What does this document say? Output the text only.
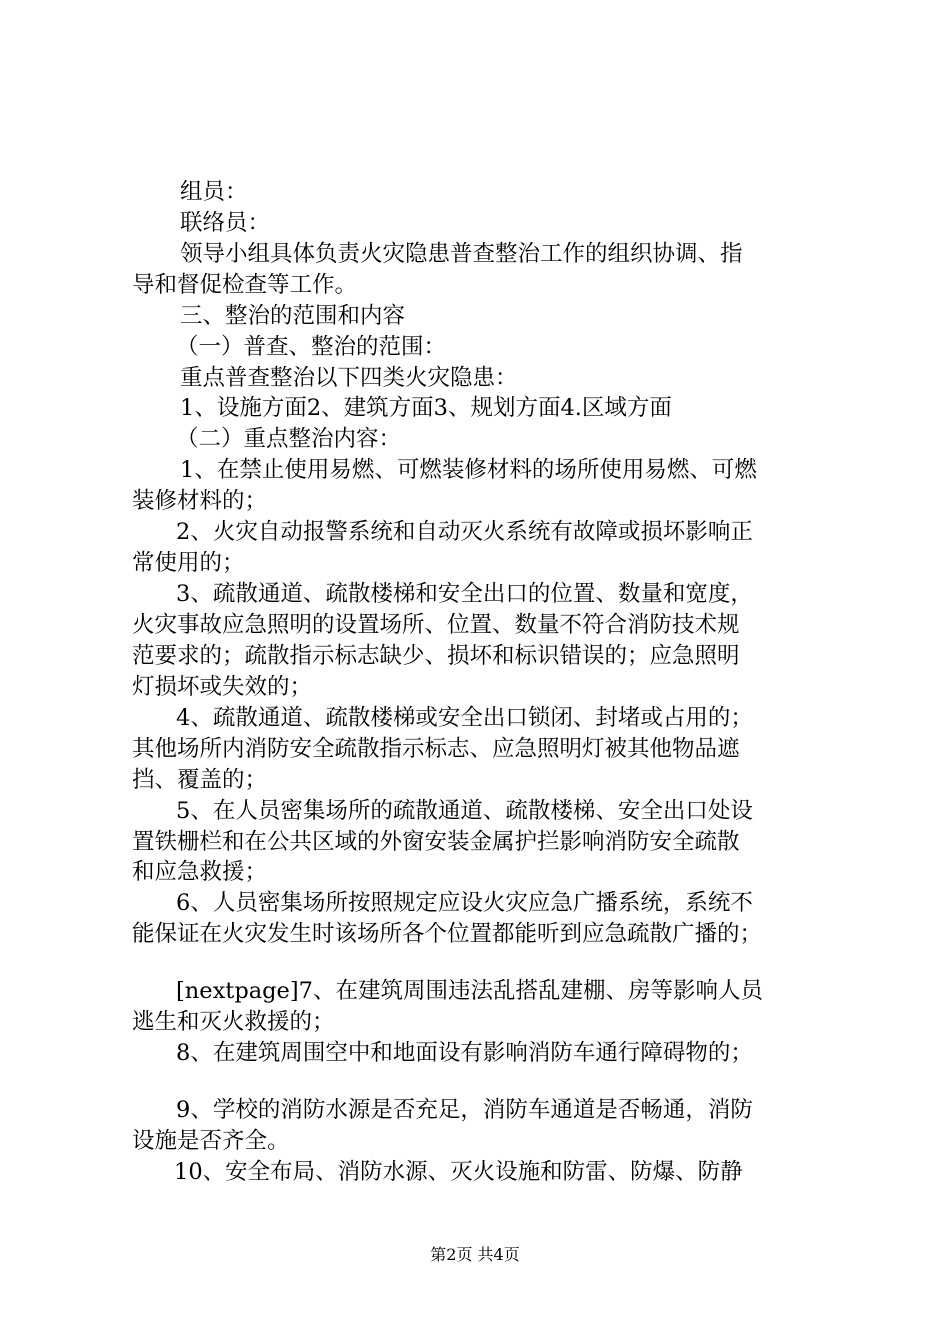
组员：
联络员：
领导小组具体负责火灾隐患普查整治工作的组织协调、指
导和督促检查等工作。
三、整治的范围和内容
（一）普查、整治的范围：
重点普查整治以下四类火灾隐患：
1、设施方面2、建筑方面3、规划方面4.区域方面
（二）重点整治内容：
1、在禁止使用易燃、可燃装修材料的场所使用易燃、可燃
装修材料的；
2、火灾自动报警系统和自动灭火系统有故障或损坏影响正
常使用的；
3、疏散通道、疏散楼梯和安全出口的位置、数量和宽度，
火灾事故应急照明的设置场所、位置、数量不符合消防技术规
范要求的；疏散指示标志缺少、损坏和标识错误的；应急照明
灯损坏或失效的；
4、疏散通道、疏散楼梯或安全出口锁闭、封堵或占用的；
其他场所内消防安全疏散指示标志、应急照明灯被其他物品遮
挡、覆盖的；
5、在人员密集场所的疏散通道、疏散楼梯、安全出口处设
置铁栅栏和在公共区域的外窗安装金属护拦影响消防安全疏散
和应急救援；
6、人员密集场所按照规定应设火灾应急广播系统，系统不
能保证在火灾发生时该场所各个位置都能听到应急疏散广播的；
[nextpage]7、在建筑周围违法乱搭乱建棚、房等影响人员
逃生和灭火救援的；
8、在建筑周围空中和地面设有影响消防车通行障碍物的；
9、学校的消防水源是否充足，消防车通道是否畅通，消防
设施是否齐全。
10、安全布局、消防水源、灭火设施和防雷、防爆、防静
第2页 共4页
